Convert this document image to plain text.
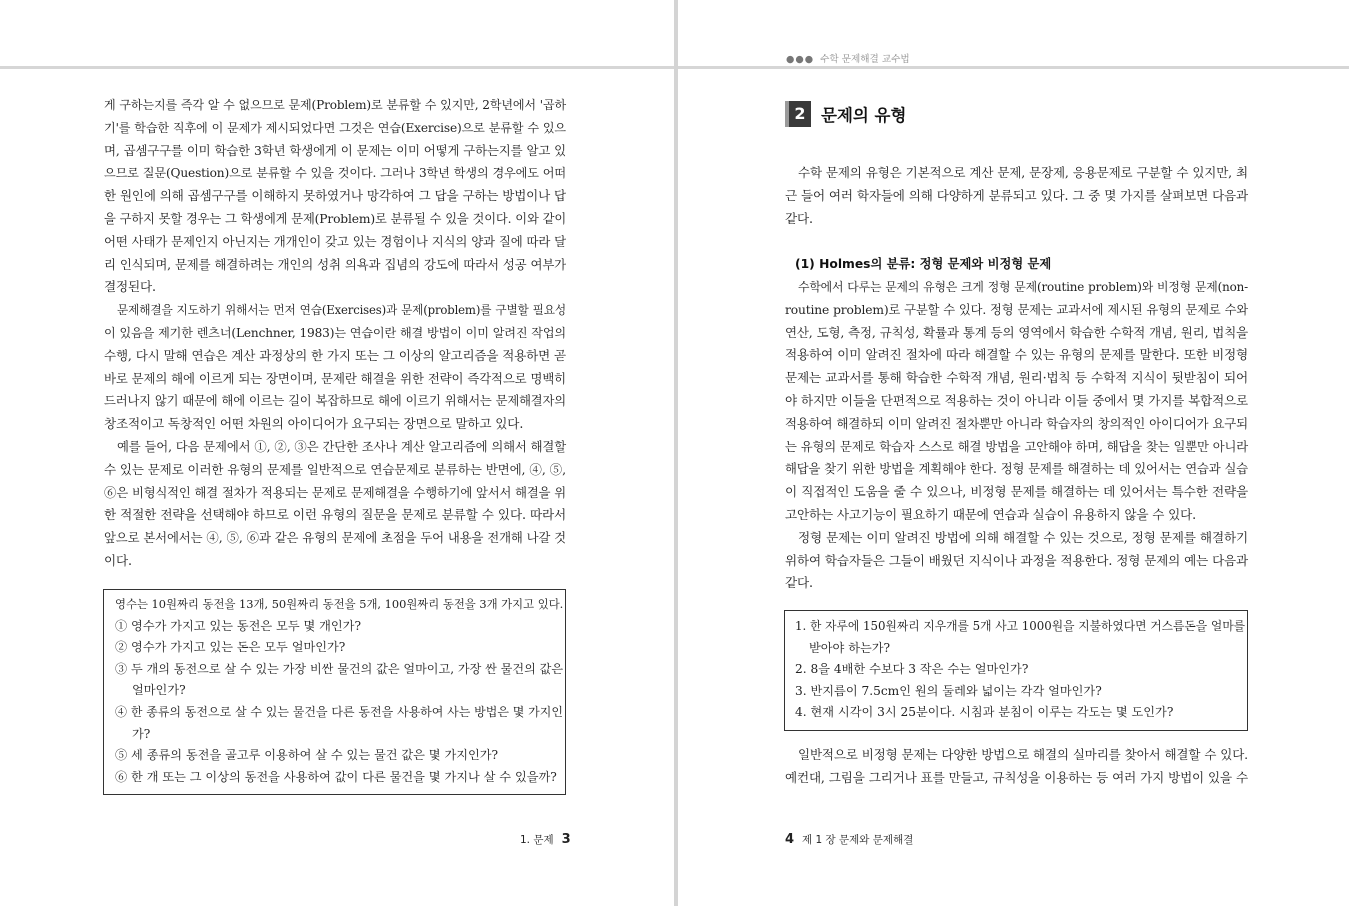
게 구하는지를 즉각 알 수 없으므로 문제(Problem)로 분류할 수 있지만, 2학년에서 '곱하
기'를 학습한 직후에 이 문제가 제시되었다면 그것은 연습(Exercise)으로 분류할 수 있으
며, 곱셈구구를 이미 학습한 3학년 학생에게 이 문제는 이미 어떻게 구하는지를 알고 있
으므로 질문(Question)으로 분류할 수 있을 것이다. 그러나 3학년 학생의 경우에도 어떠
한 원인에 의해 곱셈구구를 이해하지 못하였거나 망각하여 그 답을 구하는 방법이나 답
을 구하지 못할 경우는 그 학생에게 문제(Problem)로 분류될 수 있을 것이다. 이와 같이
어떤 사태가 문제인지 아닌지는 개개인이 갖고 있는 경험이나 지식의 양과 질에 따라 달
리 인식되며, 문제를 해결하려는 개인의 성취 의욕과 집념의 강도에 따라서 성공 여부가
결정된다.
문제해결을 지도하기 위해서는 먼저 연습(Exercises)과 문제(problem)를 구별할 필요성
이 있음을 제기한 렌츠너(Lenchner, 1983)는 연습이란 해결 방법이 이미 알려진 작업의
수행, 다시 말해 연습은 계산 과정상의 한 가지 또는 그 이상의 알고리즘을 적용하면 곧
바로 문제의 해에 이르게 되는 장면이며, 문제란 해결을 위한 전략이 즉각적으로 명백히
드러나지 않기 때문에 해에 이르는 길이 복잡하므로 해에 이르기 위해서는 문제해결자의
창조적이고 독창적인 어떤 차원의 아이디어가 요구되는 장면으로 말하고 있다.
예를 들어, 다음 문제에서 ①, ②, ③은 간단한 조사나 계산 알고리즘에 의해서 해결할
수 있는 문제로 이러한 유형의 문제를 일반적으로 연습문제로 분류하는 반면에, ④, ⑤,
⑥은 비형식적인 해결 절차가 적용되는 문제로 문제해결을 수행하기에 앞서서 해결을 위
한 적절한 전략을 선택해야 하므로 이런 유형의 질문을 문제로 분류할 수 있다. 따라서
앞으로 본서에서는 ④, ⑤, ⑥과 같은 유형의 문제에 초점을 두어 내용을 전개해 나갈 것
이다.
영수는 10원짜리 동전을 13개, 50원짜리 동전을 5개, 100원짜리 동전을 3개 가지고 있다.
① 영수가 가지고 있는 동전은 모두 몇 개인가?
② 영수가 가지고 있는 돈은 모두 얼마인가?
③ 두 개의 동전으로 살 수 있는 가장 비싼 물건의 값은 얼마이고, 가장 싼 물건의 값은
얼마인가?
④ 한 종류의 동전으로 살 수 있는 물건을 다른 동전을 사용하여 사는 방법은 몇 가지인
가?
⑤ 세 종류의 동전을 골고루 이용하여 살 수 있는 물건 값은 몇 가지인가?
⑥ 한 개 또는 그 이상의 동전을 사용하여 값이 다른 물건을 몇 가지나 살 수 있을까?
1. 문제 3
●●● 수학 문제해결 교수법
2 문제의 유형
수학 문제의 유형은 기본적으로 계산 문제, 문장제, 응용문제로 구분할 수 있지만, 최
근 들어 여러 학자들에 의해 다양하게 분류되고 있다. 그 중 몇 가지를 살펴보면 다음과
같다.
(1) Holmes의 분류: 정형 문제와 비정형 문제
수학에서 다루는 문제의 유형은 크게 정형 문제(routine problem)와 비정형 문제(non-
routine problem)로 구분할 수 있다. 정형 문제는 교과서에 제시된 유형의 문제로 수와
연산, 도형, 측정, 규칙성, 확률과 통계 등의 영역에서 학습한 수학적 개념, 원리, 법칙을
적용하여 이미 알려진 절차에 따라 해결할 수 있는 유형의 문제를 말한다. 또한 비정형
문제는 교과서를 통해 학습한 수학적 개념, 원리·법칙 등 수학적 지식이 뒷받침이 되어
야 하지만 이들을 단편적으로 적용하는 것이 아니라 이들 중에서 몇 가지를 복합적으로
적용하여 해결하되 이미 알려진 절차뿐만 아니라 학습자의 창의적인 아이디어가 요구되
는 유형의 문제로 학습자 스스로 해결 방법을 고안해야 하며, 해답을 찾는 일뿐만 아니라
해답을 찾기 위한 방법을 계획해야 한다. 정형 문제를 해결하는 데 있어서는 연습과 실습
이 직접적인 도움을 줄 수 있으나, 비정형 문제를 해결하는 데 있어서는 특수한 전략을
고안하는 사고기능이 필요하기 때문에 연습과 실습이 유용하지 않을 수 있다.
정형 문제는 이미 알려진 방법에 의해 해결할 수 있는 것으로, 정형 문제를 해결하기
위하여 학습자들은 그들이 배웠던 지식이나 과정을 적용한다. 정형 문제의 예는 다음과
같다.
1. 한 자루에 150원짜리 지우개를 5개 사고 1000원을 지불하였다면 거스름돈을 얼마를
받아야 하는가?
2. 8을 4배한 수보다 3 작은 수는 얼마인가?
3. 반지름이 7.5cm인 원의 둘레와 넓이는 각각 얼마인가?
4. 현재 시각이 3시 25분이다. 시침과 분침이 이루는 각도는 몇 도인가?
일반적으로 비정형 문제는 다양한 방법으로 해결의 실마리를 찾아서 해결할 수 있다.
예컨대, 그림을 그리거나 표를 만들고, 규칙성을 이용하는 등 여러 가지 방법이 있을 수
4 제 1 장 문제와 문제해결
